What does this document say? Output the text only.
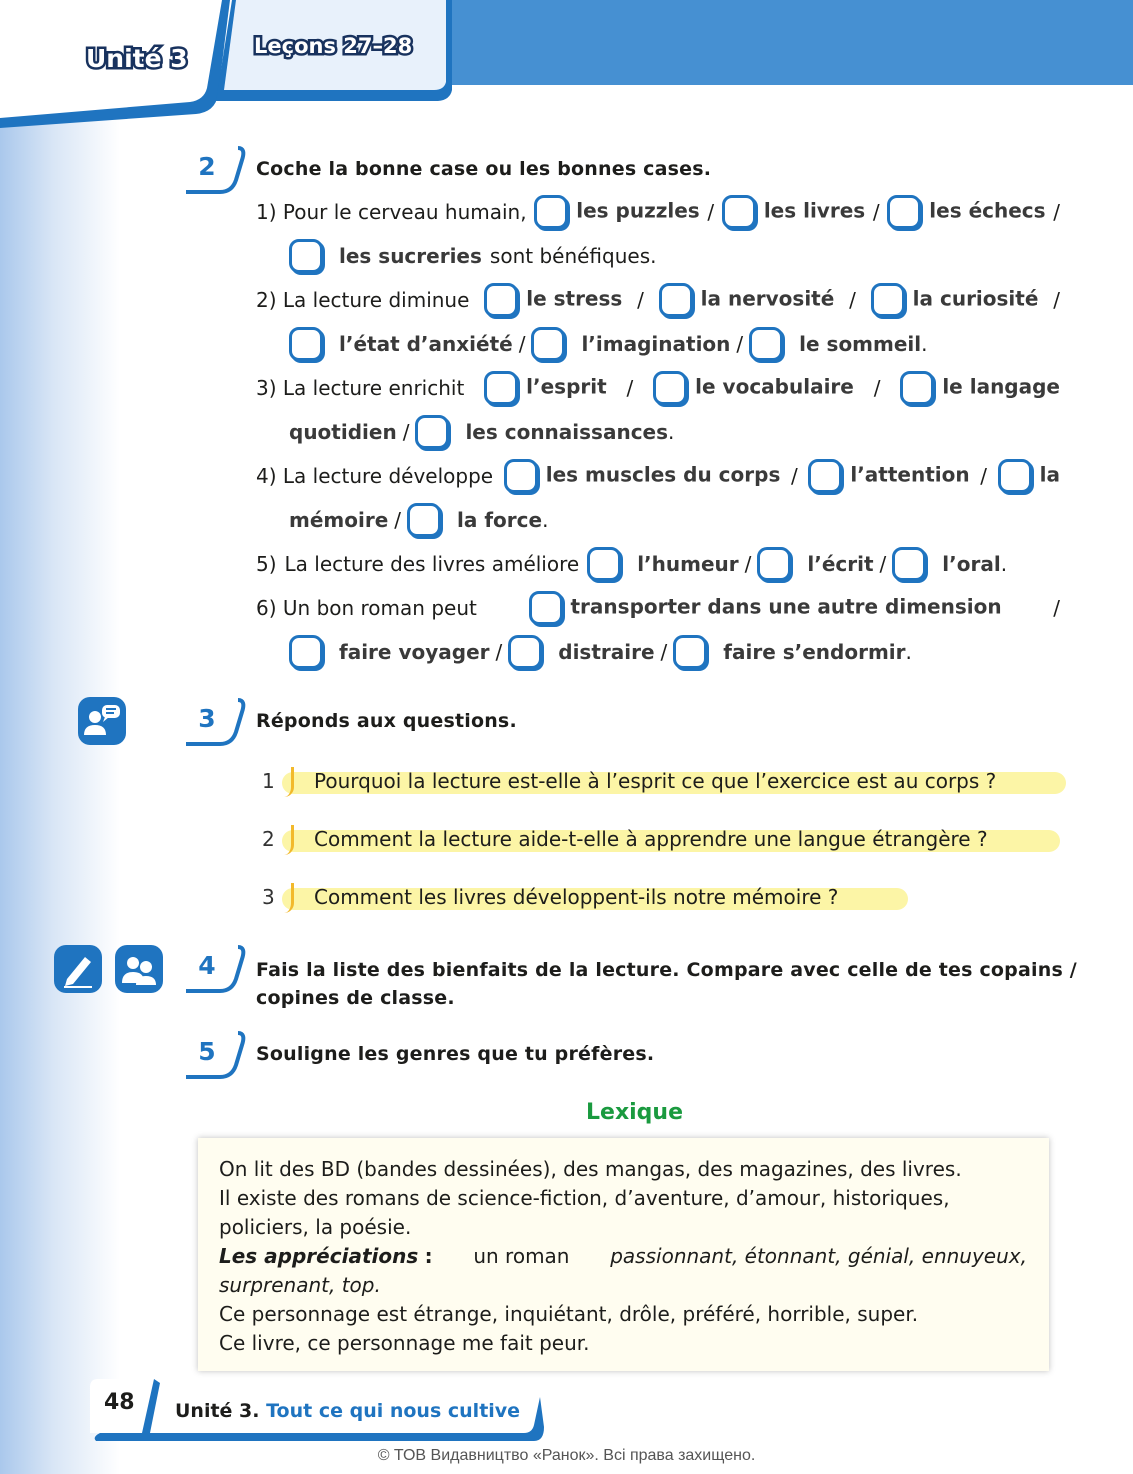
Unité 3	Leçons 27–28
2	Coche la bonne case ou les bonnes cases.
1) Pour le cerveau humain,	les puzzles /	les livres /	les échecs /
les sucreries sont bénéfiques.
2) La lecture diminue	le stress /	la nervosité /	la curiosité /
l’état d’anxiété /	l’imagination /	le sommeil .
3) La lecture enrichit	l’esprit /	le vocabulaire /	le langage
quotidien /	les connaissances .
4) La lecture développe	les muscles du corps /	l’attention /	la
mémoire /	la force .
5) La lecture des livres améliore	l’humeur /	l’écrit /	l’oral .
6) Un bon roman peut	transporter dans une autre dimension	/
faire voyager /	distraire /	faire s’endormir .
3	Réponds aux questions.
1	Pourquoi la lecture est-elle à l’esprit ce que l’exercice est au corps ?
2	Comment la lecture aide-t-elle à apprendre une langue étrangère ?
3	Comment les livres développent-ils notre mémoire ?
4	Fais la liste des bienfaits de la lecture. Compare avec celle de tes copains /
copines de classe.
5	Souligne les genres que tu préfères.
Lexique

On lit des BD (bandes dessinées), des mangas, des magazines, des livres.

Il existe des romans de science-fiction, d’aventure, d’amour, historiques,

policiers, la poésie.

Les appréciations : un roman passionnant, étonnant, génial, ennuyeux,

surprenant, top.

Ce personnage est étrange, inquiétant, drôle, préféré, horrible, super.

Ce livre, ce personnage me fait peur.

48 Unité 3. Tout ce qui nous cultive
© ТОВ Видавництво «Ранок». Всі права захищено.
